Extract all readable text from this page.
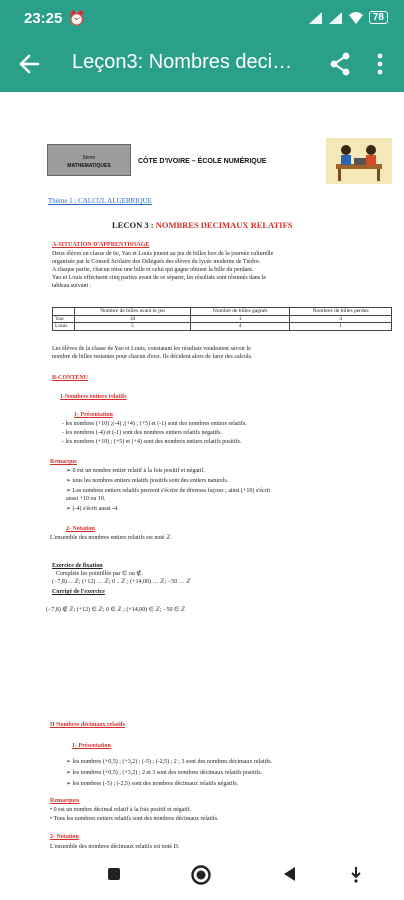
23:25 ⏰	78
Leçon3: Nombres deci…
5ème
MATHEMATIQUES
CÔTE D'IVOIRE – ÉCOLE NUMÉRIQUE
Thème 1 : CALCUL ALGEBRIQUE
LECON 3 : NOMBRES DECIMAUX RELATIFS
A-SITUATION D'APPRENTISSAGE
Deux élèves en classe de 6e, Yao et Louis jouent au jeu de billes lors de la journée culturelle
organisée par le Conseil Scolaire des Délégués des élèves du lycée moderne de Tiédro.
A chaque partie, chacun mise une bille et celui qui gagne obtient la bille du perdant.
Yao et Louis effectuent cinq parties avant de se séparer, les résultats sont résumés dans le
tableau suivant :
	Nombre de billes avant le jeu	Nombre de billes gagnés	Nombres de billes perdus
Yao	10	1	4
Louis	5	4	1
Les élèves de la classe de Yao et Louis, constatant les résultats voudraient savoir le
nombre de billes restantes pour chacun d'eux. Ils décident alors de faire des calculs.
B-CONTENU
1-Nombres entiers relatifs
1- Présentation
- les nombres (+10) ;(-4) ;(+4) ; (+5) et (-1) sont des nombres entiers relatifs.
- les nombres (-4) et (-1) sont des nombres entiers relatifs négatifs.
- les nombres (+10) ; (+5) et (+4) sont des nombres entiers relatifs positifs.
Remarque
➢ 0 est un nombre entier relatif à la fois positif et négatif.
➢ tous les nombres entiers relatifs positifs sont des entiers naturels.
➢ Les nombres entiers relatifs peuvent s'écrire de diverses façons ; ainsi (+10) s'écrit
aussi +10 ou 10.
➢ (-4) s'écrit aussi -4.
2- Notation
L'ensemble des nombres entiers relatifs est noté ℤ.
Exercice de fixation
Complète les pointillés par ∈ ou ∉.
(−7,8)… ℤ; (+12) … ℤ; 0 .. ℤ ; (+14,00) … ℤ; −50 … ℤ
Corrigé de l'exercice
(−7,8) ∉ ℤ; (+12) ∈ ℤ; 0 ∈ ℤ ; (+14,00) ∈ ℤ; −50 ∈ ℤ
II Nombres décimaux relatifs
1- Présentation
➢ les nombres (+0,5) ; (+3,2) ; (-5) ; (-2,5) ; 2 ; 3 sont des nombres décimaux relatifs.
➢ les nombres (+0,5) ; (+3,2) ; 2 et 3 sont des nombres décimaux relatifs positifs.
➢ les nombres (-5) ; (-2,5) sont des nombres décimaux relatifs négatifs.
Remarques
• 0 est un nombre décimal relatif à la fois positif et négatif.
• Tous les nombres entiers relatifs sont des nombres décimaux relatifs.
2- Notation
L'ensemble des nombres décimaux relatifs est noté D.
